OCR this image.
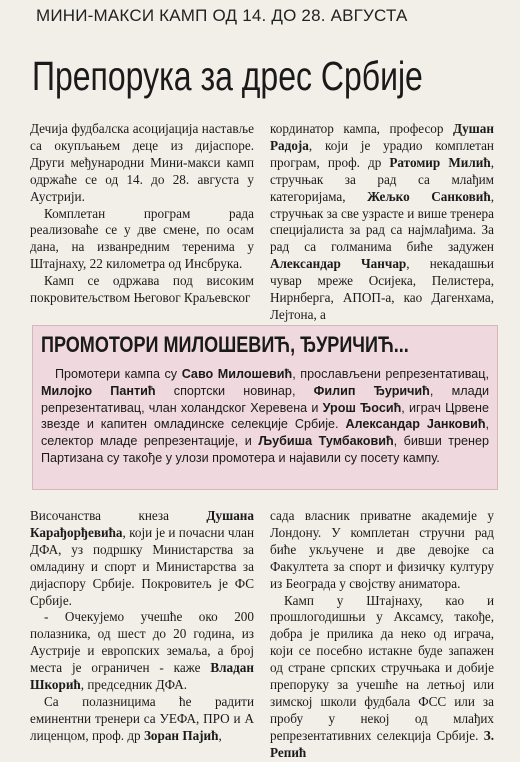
МИНИ-МАКСИ КАМП ОД 14. ДО 28. АВГУСТА
Препорука за дрес Србије

Дечија фудбалска асоцијација наставље са окупљањем деце из дијаспоре. Други међународни Мини-макси камп одржаће се од 14. до 28. августа у Аустрији.

Комплетан програм рада реализоваће се у две смене, по осам дана, на изванредним теренима у Штајнаху, 22 километра од Инсбрука.

Камп се одржава под високим покровитељством Његовог Краљевског

кординатор кампа, професор Душан Радоја, који је урадио комплетан програм, проф. др Ратомир Милић, стручњак за рад са млађим категоријама, Жељко Санковић, стручњак за све узрасте и више тренера специјалиста за рад са најмлађима. За рад са голманима биће задужен Александар Чанчар, некадашњи чувар мреже Осијека, Пелистера, Нирнберга, АПОП-а, као Дагенхама, Лејтона, а

ПРОМОТОРИ МИЛОШЕВИЋ, ЂУРИЧИЋ...

Промотери кампа су Саво Милошевић, прослављени репрезентативац, Милојко Пантић спортски новинар, Филип Ђуричић, млади репрезентативац, члан холандског Херевена и Урош Ђосић, играч Црвене звезде и капитен омладинске селекције Србије. Александар Јанковић, селектор младе репрезентације, и Љубиша Тумбаковић, бивши тренер Партизана су такође у улози промотера и најавили су посету кампу.

Височанства кнеза Душана Карађорђевића, који је и почасни члан ДФА, уз подршку Министарства за омладину и спорт и Министарства за дијаспору Србије. Покровитељ је ФС Србије.

- Очекујемо учешће око 200 полазника, од шест до 20 година, из Аустрије и европских земаља, а број места је ограничен - каже Владан Шкорић, председник ДФА.

Са полазницима ће радити еминентни тренери са УЕФА, ПРО и А лиценцом, проф. др Зоран Пајић,

сада власник приватне академије у Лондону. У комплетан стручни рад биће укључене и две девојке са Факултета за спорт и физичку културу из Београда у својству аниматора.

Камп у Штајнаху, као и прошлогодишњи у Аксамсу, такође, добра је прилика да неко од играча, који се посебно истакне буде запажен од стране српских стручњака и добије препоруку за учешће на летњој или зимској школи фудбала ФСС или за пробу у некој од млађих репрезентативних селекција Србије. З. Репић
